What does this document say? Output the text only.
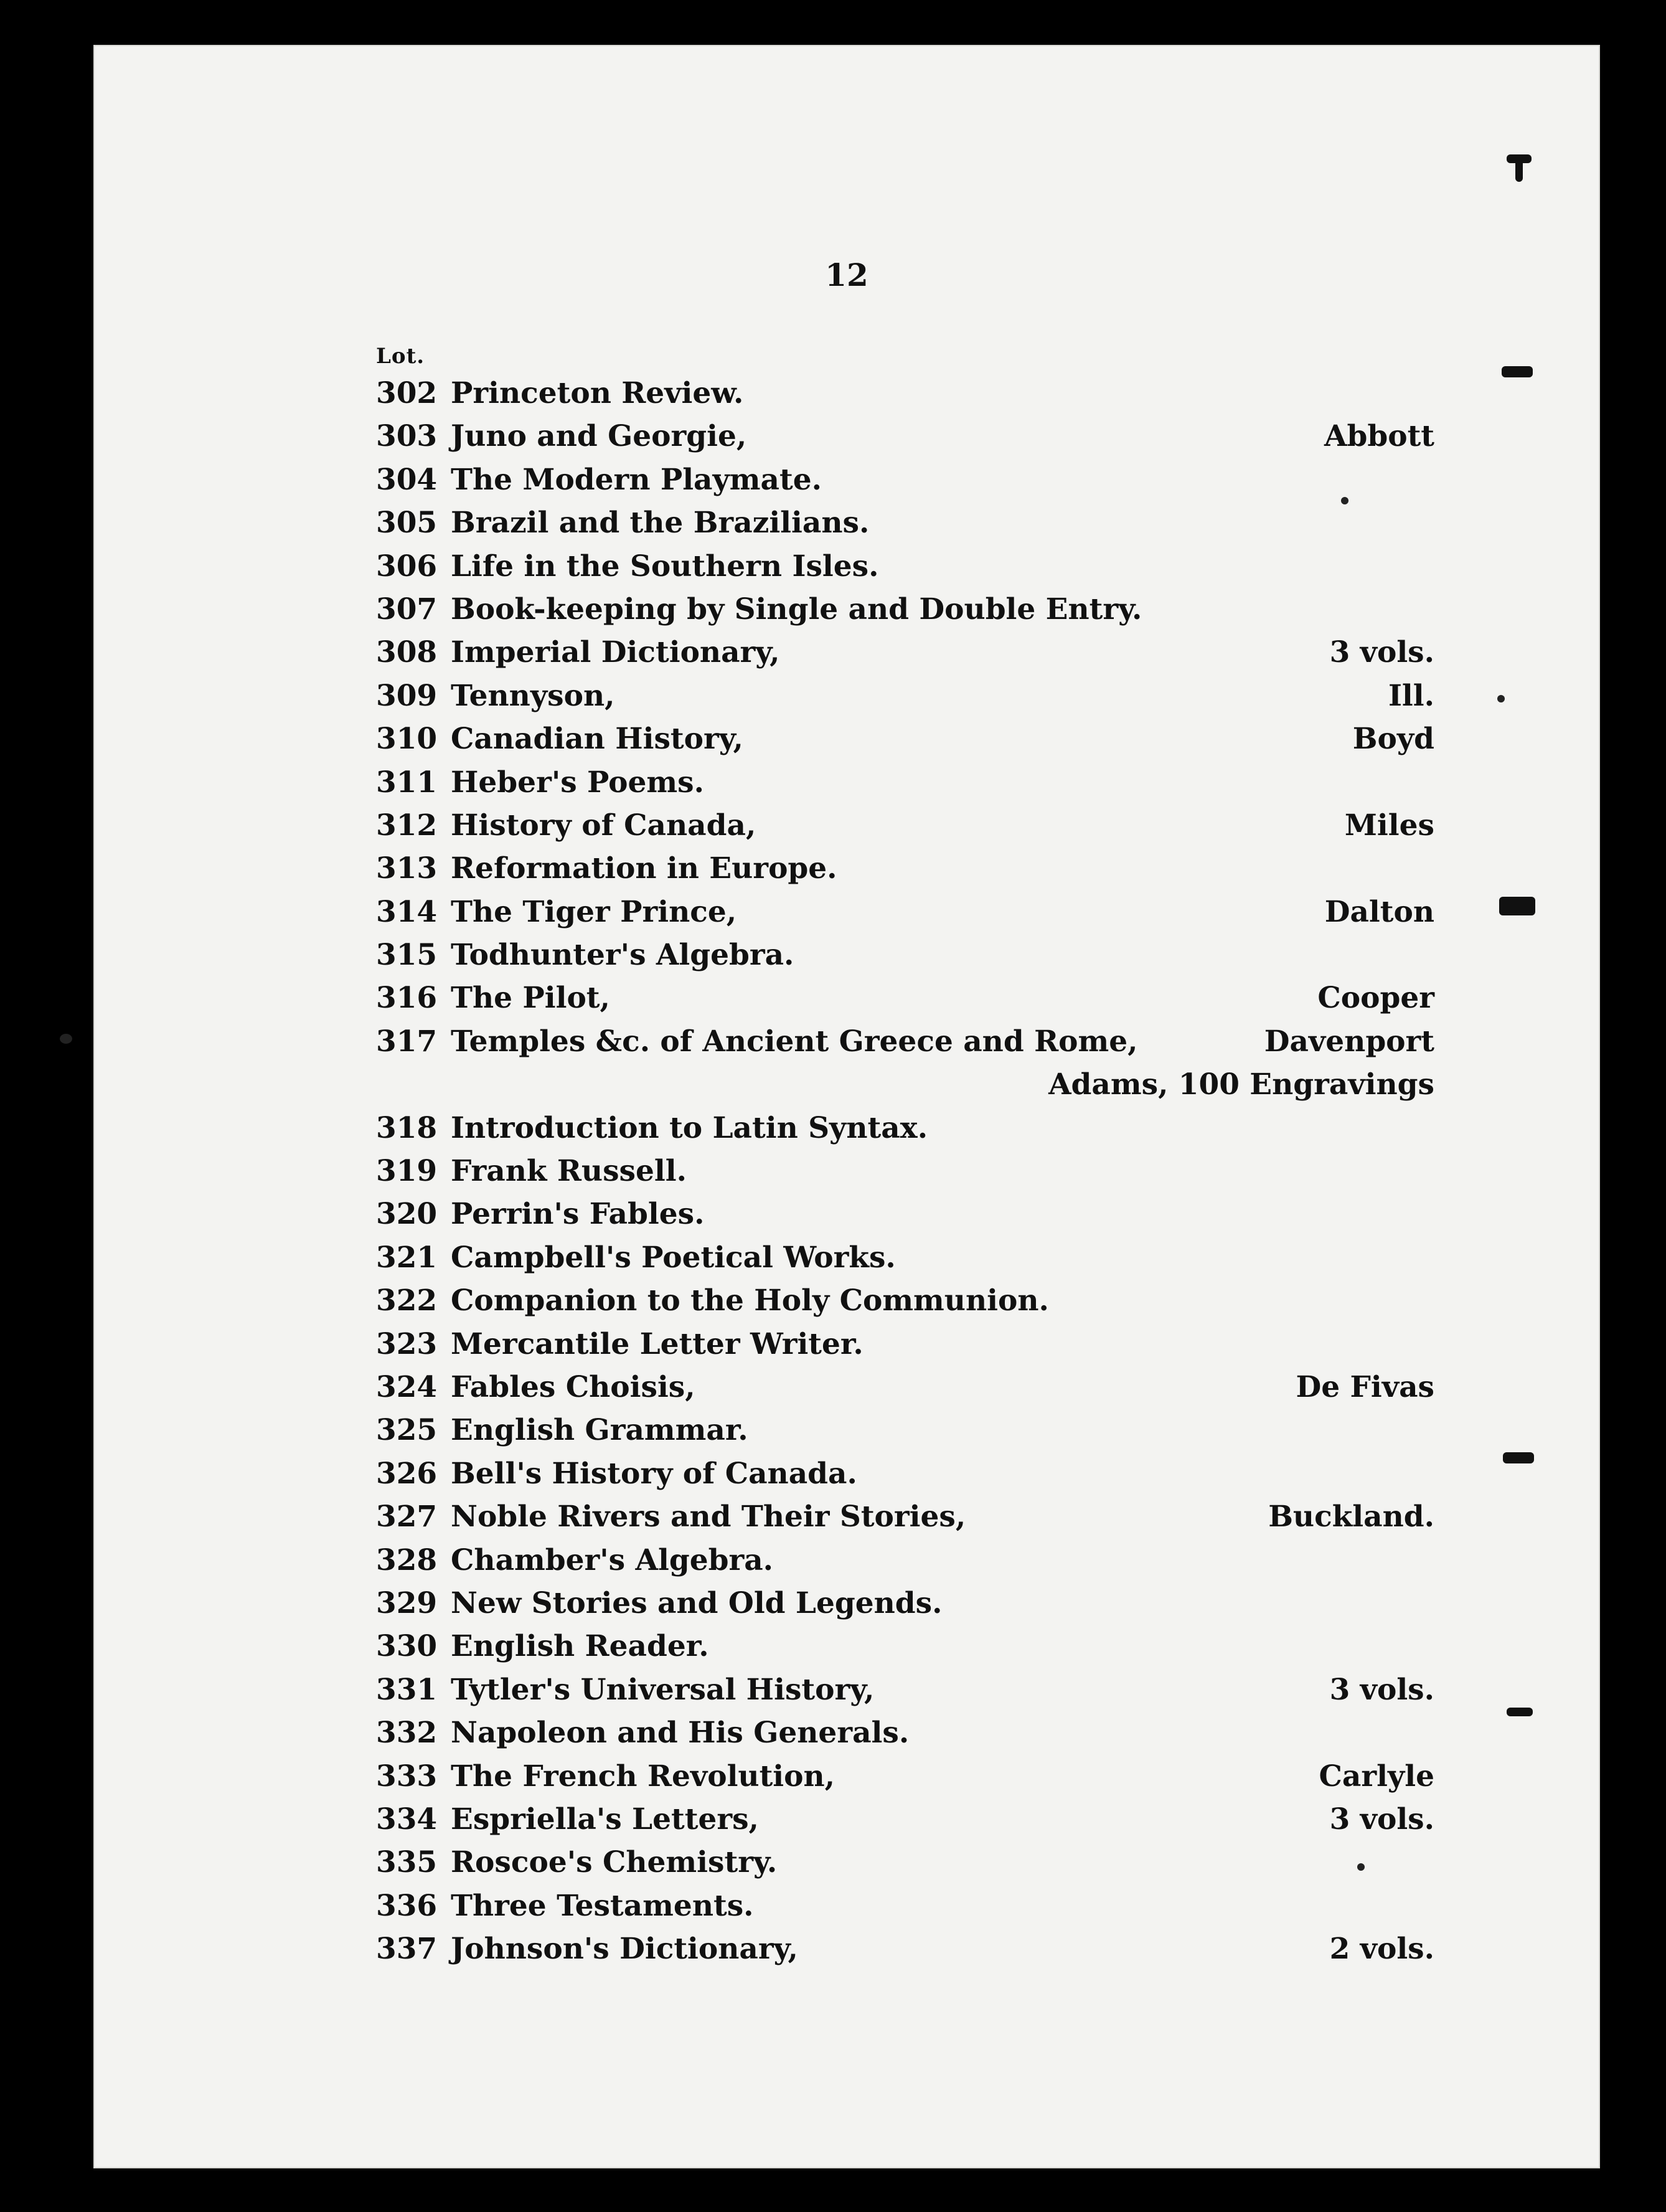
12
Lot.
302 Princeton Review.
303 Juno and Georgie,	Abbott
304 The Modern Playmate.
305 Brazil and the Brazilians.
306 Life in the Southern Isles.
307 Book-keeping by Single and Double Entry.
308 Imperial Dictionary,	3 vols.
309 Tennyson,	Ill.
310 Canadian History,	Boyd
311 Heber's Poems.
312 History of Canada,	Miles
313 Reformation in Europe.
314 The Tiger Prince,	Dalton
315 Todhunter's Algebra.
316 The Pilot,	Cooper
317 Temples &c. of Ancient Greece and Rome,	Davenport
Adams, 100 Engravings
318 Introduction to Latin Syntax.
319 Frank Russell.
320 Perrin's Fables.
321 Campbell's Poetical Works.
322 Companion to the Holy Communion.
323 Mercantile Letter Writer.
324 Fables Choisis,	De Fivas
325 English Grammar.
326 Bell's History of Canada.
327 Noble Rivers and Their Stories,	Buckland.
328 Chamber's Algebra.
329 New Stories and Old Legends.
330 English Reader.
331 Tytler's Universal History,	3 vols.
332 Napoleon and His Generals.
333 The French Revolution,	Carlyle
334 Espriella's Letters,	3 vols.
335 Roscoe's Chemistry.
336 Three Testaments.
337 Johnson's Dictionary,	2 vols.
